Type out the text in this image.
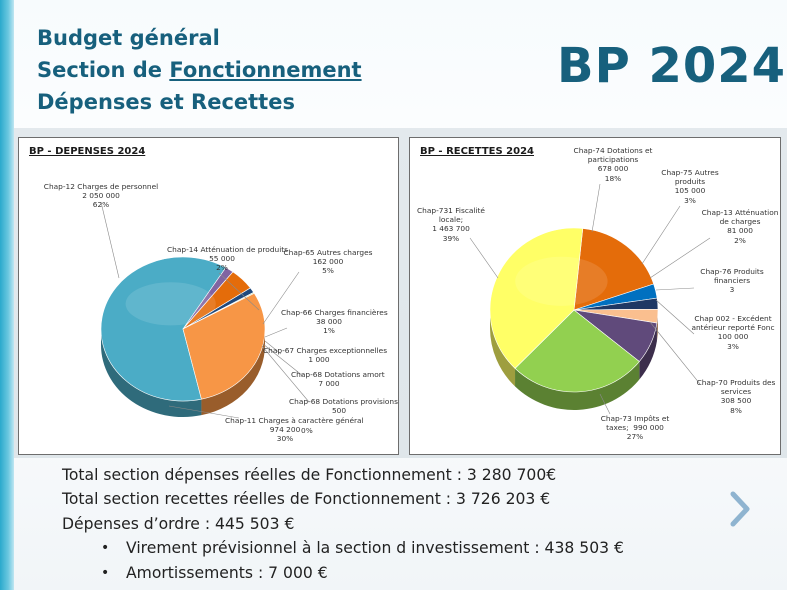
Budget général
Section de Fonctionnement
Dépenses et Recettes
BP 2024
BP - DEPENSES 2024
Chap-12 Charges de personnel
2 050 000
62%
Chap-14 Atténuation de produits
55 000
2%
Chap-65 Autres charges
162 000
5%
Chap-66 Charges financières
38 000
1%
Chap-67 Charges exceptionnelles
1 000
Chap-68 Dotations amort
7 000
Chap-68 Dotations provisions
500
Chap-11 Charges à caractère général
974 200
30%
0%
BP - RECETTES 2024	Chap-74 Dotations et
participations
678 000
18%
Chap-75 Autres
produits
105 000
3%
Chap-13 Atténuation
de charges
81 000
2%
Chap-76 Produits
financiers
3
Chap 002 - Excédent
antérieur reporté Fonc
100 000
3%
Chap-70 Produits des
services
308 500
8%
Chap-73 Impôts et
taxes;  990 000
27%
Chap-731 Fiscalité
locale;
1 463 700
39%
Total section dépenses réelles de Fonctionnement : 3 280 700€
Total section recettes réelles de Fonctionnement : 3 726 203 €
Dépenses d’ordre : 445 503 €
• Virement prévisionnel à la section d investissement : 438 503 €
• Amortissements : 7 000 €
